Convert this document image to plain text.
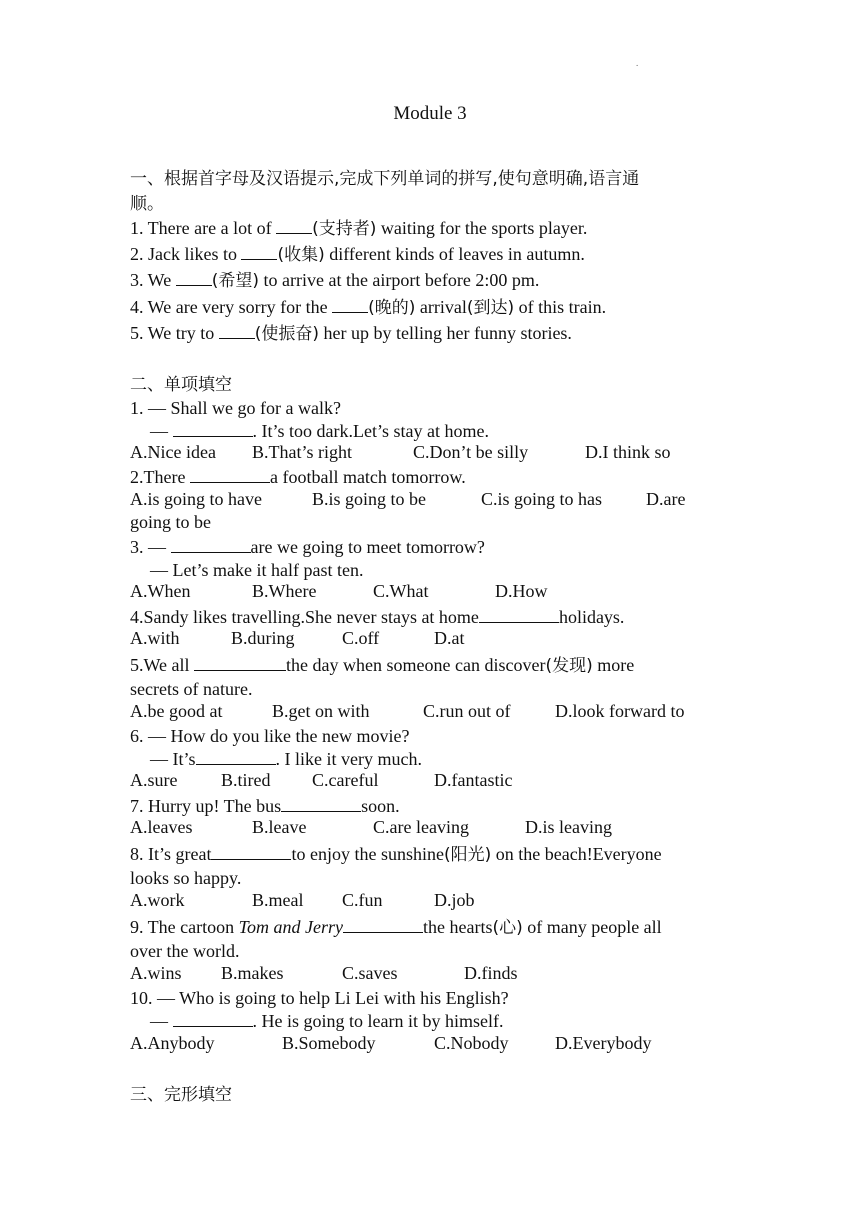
.
Module 3
一、根据首字母及汉语提示,完成下列单词的拼写,使句意明确,语言通
顺。
1. There are a lot of (支持者) waiting for the sports player.
2. Jack likes to (收集) different kinds of leaves in autumn.
3. We (希望) to arrive at the airport before 2:00 pm.
4. We are very sorry for the (晚的) arrival(到达) of this train.
5. We try to (使振奋) her up by telling her funny stories.
二、单项填空
1. — Shall we go for a walk?
—	. It’s too dark.Let’s stay at home.
A.Nice idea B.That’s right	C.Don’t be silly	D.I think so
2.There	a football match tomorrow.
A.is going to have	B.is going to be	C.is going to has D.are
going to be
3. —	are we going to meet tomorrow?
— Let’s make it half past ten.
A.When	B.Where	C.What	D.How
4.Sandy likes travelling.She never stays at home	holidays.
A.with	B.during	C.off	D.at
5.We all	the day when someone can discover(发现) more
secrets of nature.
A.be good at	B.get on with	C.run out of D.look forward to
6. — How do you like the new movie?
— It’s	. I like it very much.
A.sure B.tired C.careful	D.fantastic
7. Hurry up! The bus	soon.
A.leaves	B.leave	C.are leaving	D.is leaving
8. It’s great	to enjoy the sunshine(阳光) on the beach!Everyone
looks so happy.
A.work	B.meal C.fun	D.job
9. The cartoon Tom and Jerry	the hearts(心) of many people all
over the world.
A.wins B.makes	C.saves	D.finds
10. — Who is going to help Li Lei with his English?
—	. He is going to learn it by himself.
A.Anybody	B.Somebody	C.Nobody	D.Everybody
三、完形填空
